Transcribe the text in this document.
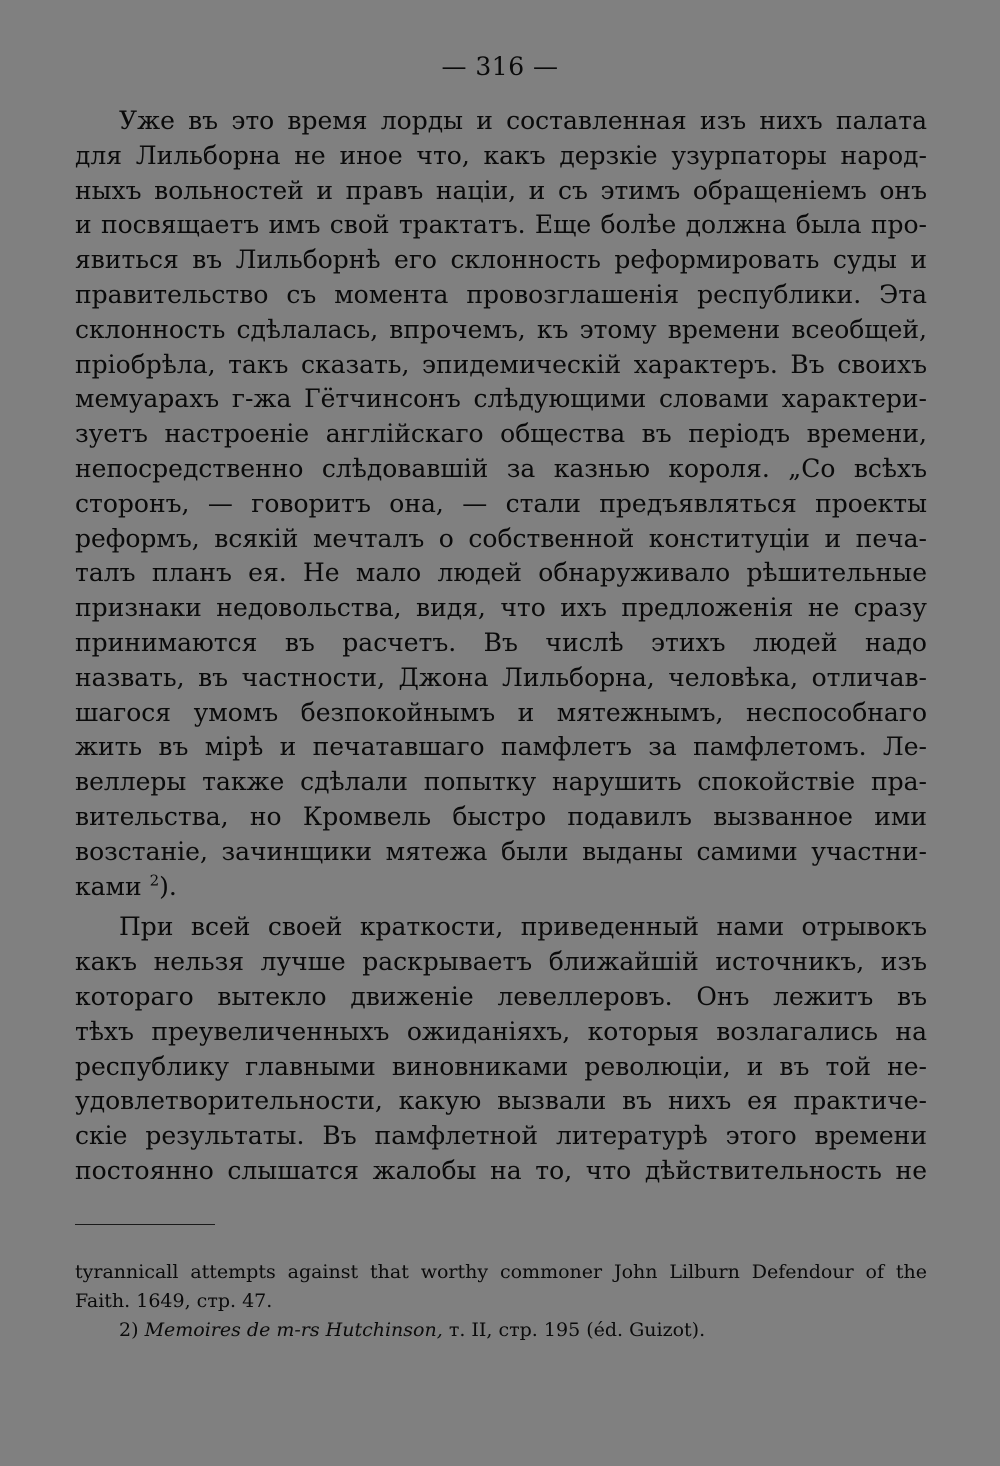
— 316 —
Уже въ это время лорды и составленная изъ нихъ палата
для Лильборна не иное что, какъ дерзкіе узурпаторы народ-
ныхъ вольностей и правъ націи, и съ этимъ обращеніемъ онъ
и посвящаетъ имъ свой трактатъ. Еще болѣе должна была про-
явиться въ Лильборнѣ его склонность реформировать суды и
правительство съ момента провозглашенія республики. Эта
склонность сдѣлалась, впрочемъ, къ этому времени всеобщей,
пріобрѣла, такъ сказать, эпидемическій характеръ. Въ своихъ
мемуарахъ г-жа Гётчинсонъ слѣдующими словами характери-
зуетъ настроеніе англійскаго общества въ періодъ времени,
непосредственно слѣдовавшій за казнью короля. „Со всѣхъ
сторонъ, — говоритъ она, — стали предъявляться проекты
реформъ, всякій мечталъ о собственной конституціи и печа-
талъ планъ ея. Не мало людей обнаруживало рѣшительные
признаки недовольства, видя, что ихъ предложенія не сразу
принимаются въ расчетъ. Въ числѣ этихъ людей надо
назвать, въ частности, Джона Лильборна, человѣка, отличав-
шагося умомъ безпокойнымъ и мятежнымъ, неспособнаго
жить въ мірѣ и печатавшаго памфлетъ за памфлетомъ. Ле-
веллеры также сдѣлали попытку нарушить спокойствіе пра-
вительства, но Кромвель быстро подавилъ вызванное ими
возстаніе, зачинщики мятежа были выданы самими участни-
ками $^2$).
При всей своей краткости, приведенный нами отрывокъ
какъ нельзя лучше раскрываетъ ближайшій источникъ, изъ
котораго вытекло движеніе левеллеровъ. Онъ лежитъ въ
тѣхъ преувеличенныхъ ожиданіяхъ, которыя возлагались на
республику главными виновниками революціи, и въ той не-
удовлетворительности, какую вызвали въ нихъ ея практиче-
скіе результаты. Въ памфлетной литературѣ этого времени
постоянно слышатся жалобы на то, что дѣйствительность не
tyrannicall attempts against that worthy commoner John Lilburn Defendour of the
Faith. 1649, стр. 47.
2) Memoires de m-rs Hutchinson, т. II, стр. 195 (éd. Guizot).
